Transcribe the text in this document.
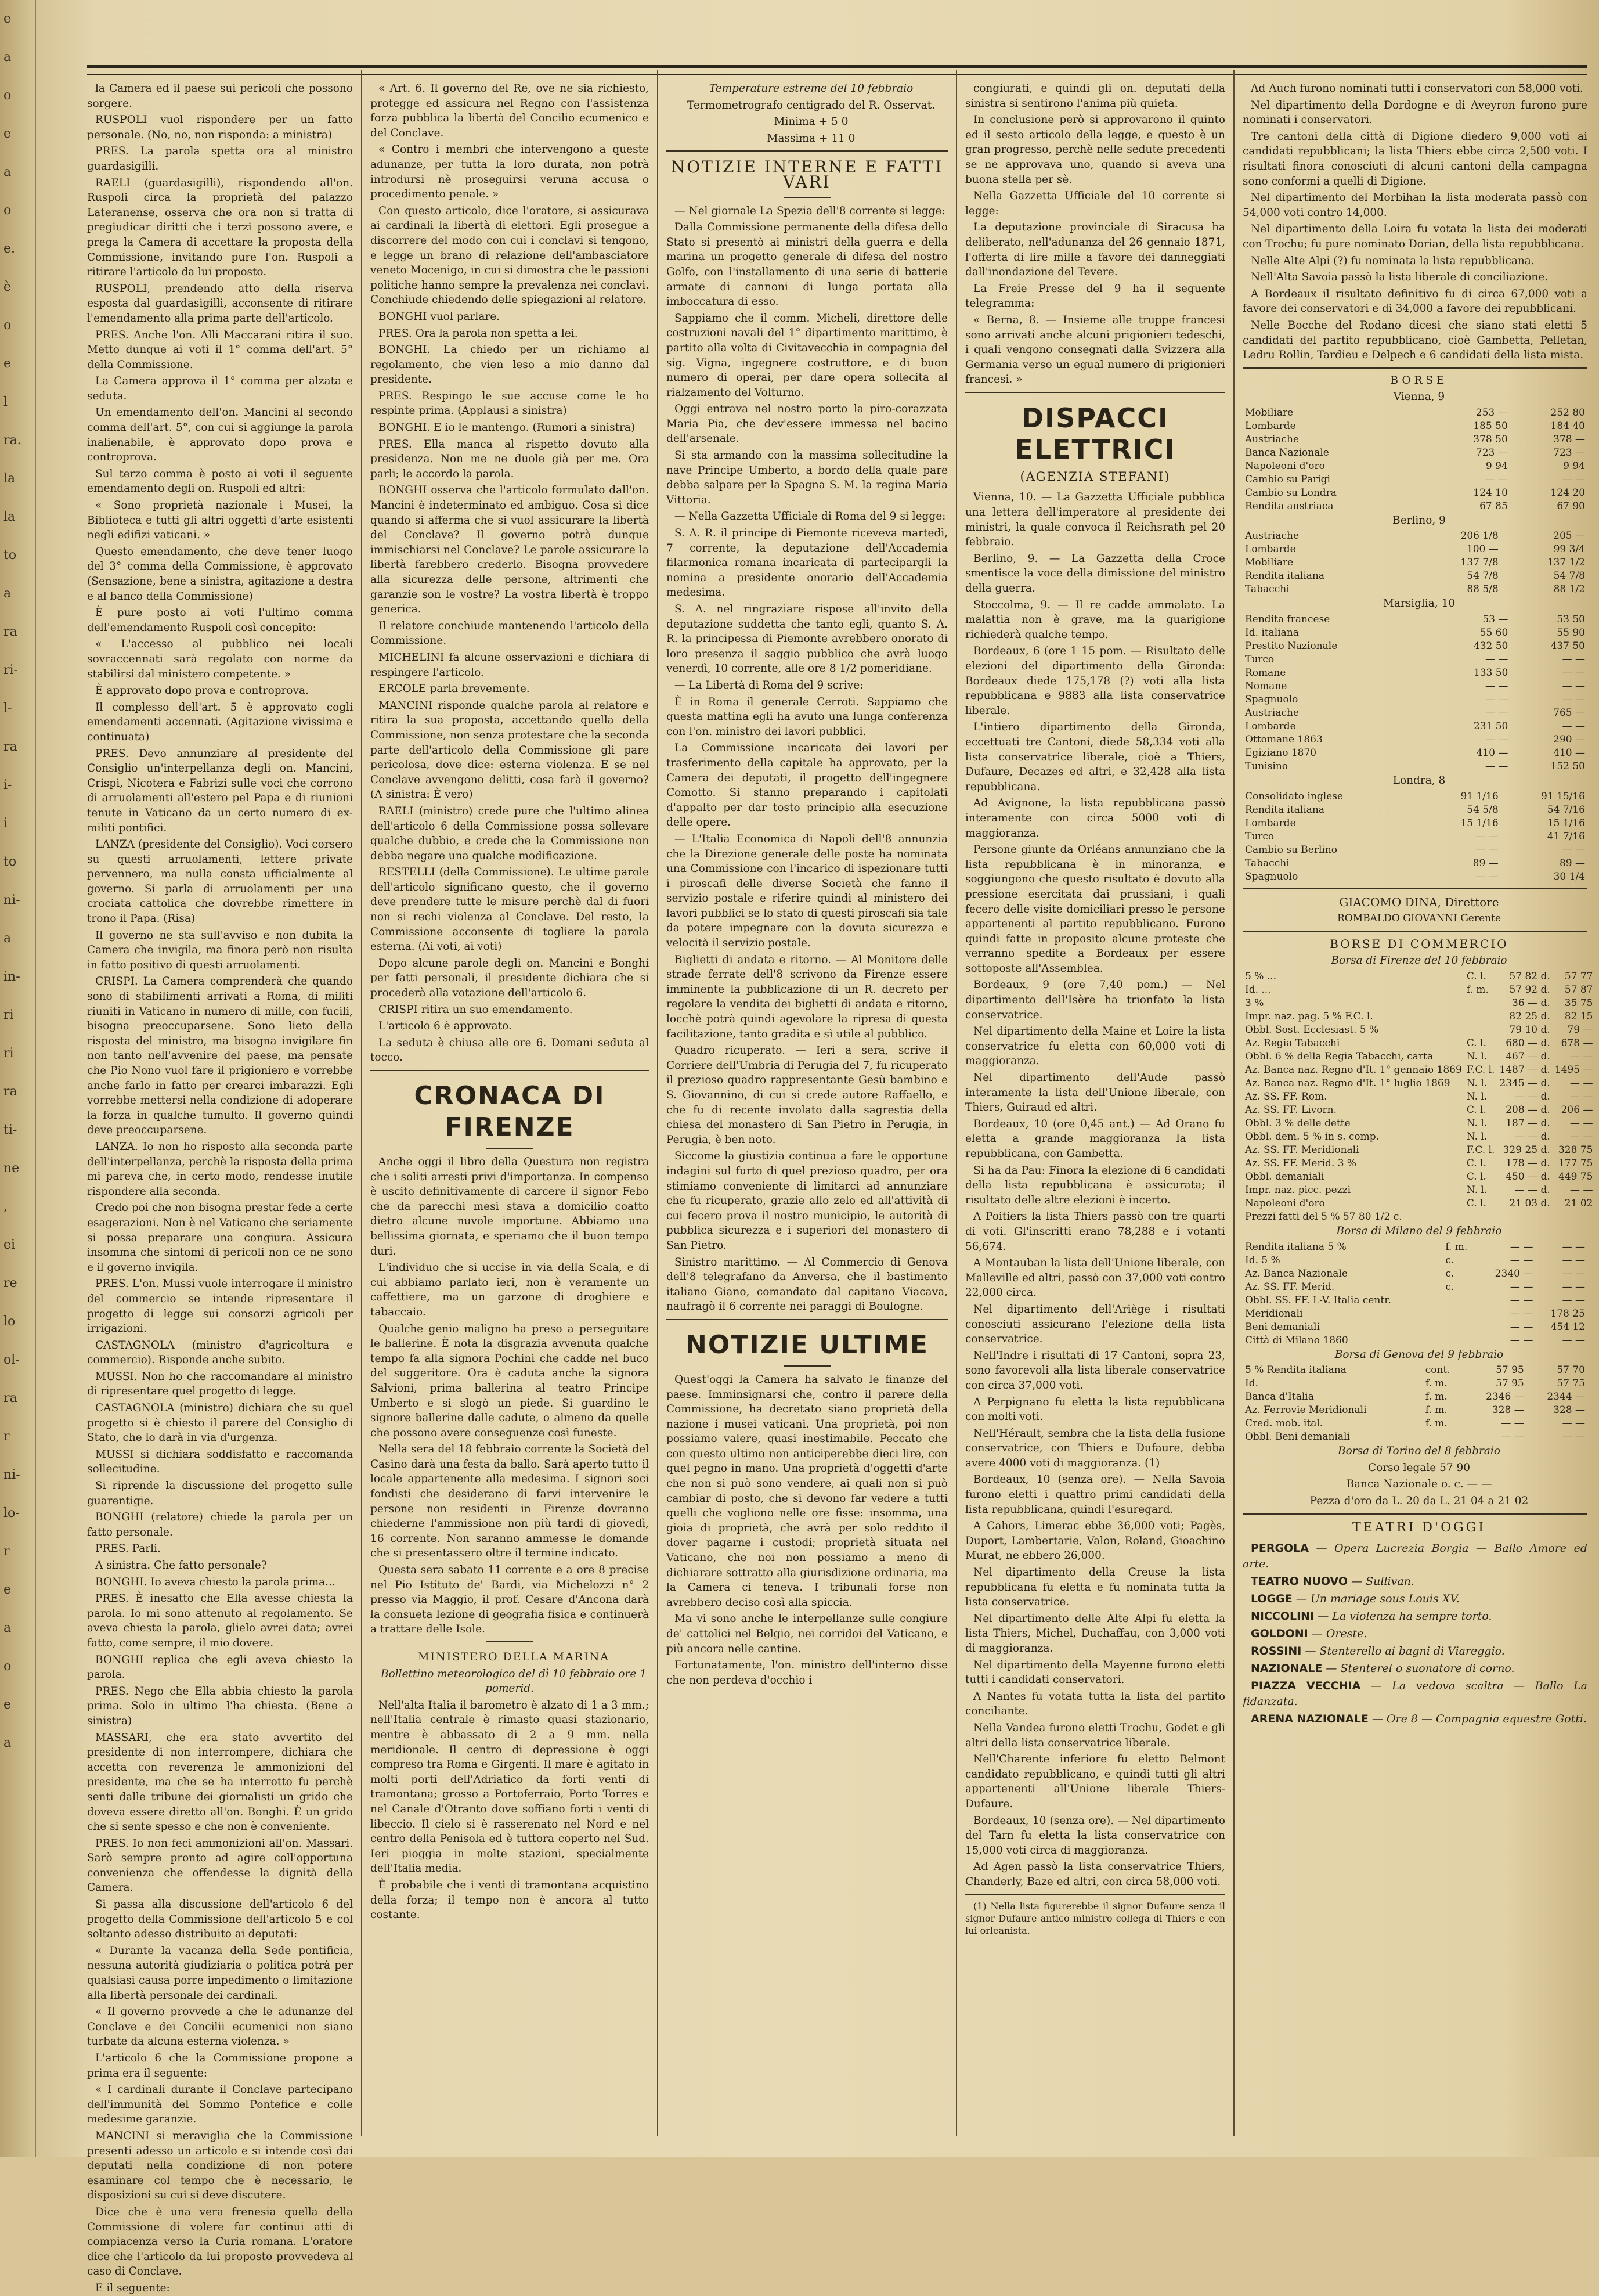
e
a
o
e
a
o
e.
è
o
e
l
ra.
la
la
to
a
ra
ri-
l-
ra
i-
i
to
ni-
a
in-
ri
ri
ra
ti-
ne
,
ei
re
lo
ol-
ra
r
ni-
lo-
r
e
a
o
e
a

la Camera ed il paese sui pericoli che possono sorgere.

RUSPOLI vuol rispondere per un fatto personale. (No, no, non risponda: a ministra)

PRES. La parola spetta ora al ministro guardasigilli.

RAELI (guardasigilli), rispondendo all'on. Ruspoli circa la proprietà del palazzo Lateranense, osserva che ora non si tratta di pregiudicar diritti che i terzi possono avere, e prega la Camera di accettare la proposta della Commissione, invitando pure l'on. Ruspoli a ritirare l'articolo da lui proposto.

RUSPOLI, prendendo atto della riserva esposta dal guardasigilli, acconsente di ritirare l'emendamento alla prima parte dell'articolo.

PRES. Anche l'on. Alli Maccarani ritira il suo. Metto dunque ai voti il 1° comma dell'art. 5° della Commissione.

La Camera approva il 1° comma per alzata e seduta.

Un emendamento dell'on. Mancini al secondo comma dell'art. 5°, con cui si aggiunge la parola inalienabile, è approvato dopo prova e controprova.

Sul terzo comma è posto ai voti il seguente emendamento degli on. Ruspoli ed altri:

« Sono proprietà nazionale i Musei, la Biblioteca e tutti gli altri oggetti d'arte esistenti negli edifizi vaticani. »

Questo emendamento, che deve tener luogo del 3° comma della Commissione, è approvato (Sensazione, bene a sinistra, agitazione a destra e al banco della Commissione)

È pure posto ai voti l'ultimo comma dell'emendamento Ruspoli così concepito:

« L'accesso al pubblico nei locali sovraccennati sarà regolato con norme da stabilirsi dal ministero competente. »

È approvato dopo prova e controprova.

Il complesso dell'art. 5 è approvato cogli emendamenti accennati. (Agitazione vivissima e continuata)

PRES. Devo annunziare al presidente del Consiglio un'interpellanza degli on. Mancini, Crispi, Nicotera e Fabrizi sulle voci che corrono di arruolamenti all'estero pel Papa e di riunioni tenute in Vaticano da un certo numero di ex-militi pontifici.

LANZA (presidente del Consiglio). Voci corsero su questi arruolamenti, lettere private pervennero, ma nulla consta ufficialmente al governo. Si parla di arruolamenti per una crociata cattolica che dovrebbe rimettere in trono il Papa. (Risa)

Il governo ne sta sull'avviso e non dubita la Camera che invigila, ma finora però non risulta in fatto positivo di questi arruolamenti.

CRISPI. La Camera comprenderà che quando sono di stabilimenti arrivati a Roma, di militi riuniti in Vaticano in numero di mille, con fucili, bisogna preoccuparsene. Sono lieto della risposta del ministro, ma bisogna invigilare fin non tanto nell'avvenire del paese, ma pensate che Pio Nono vuol fare il prigioniero e vorrebbe anche farlo in fatto per crearci imbarazzi. Egli vorrebbe mettersi nella condizione di adoperare la forza in qualche tumulto. Il governo quindi deve preoccuparsene.

LANZA. Io non ho risposto alla seconda parte dell'interpellanza, perchè la risposta della prima mi pareva che, in certo modo, rendesse inutile rispondere alla seconda.

Credo poi che non bisogna prestar fede a certe esagerazioni. Non è nel Vaticano che seriamente si possa preparare una congiura. Assicura insomma che sintomi di pericoli non ce ne sono e il governo invigila.

PRES. L'on. Mussi vuole interrogare il ministro del commercio se intende ripresentare il progetto di legge sui consorzi agricoli per irrigazioni.

CASTAGNOLA (ministro d'agricoltura e commercio). Risponde anche subito.

MUSSI. Non ho che raccomandare al ministro di ripresentare quel progetto di legge.

CASTAGNOLA (ministro) dichiara che su quel progetto si è chiesto il parere del Consiglio di Stato, che lo darà in via d'urgenza.

MUSSI si dichiara soddisfatto e raccomanda sollecitudine.

Si riprende la discussione del progetto sulle guarentigie.

BONGHI (relatore) chiede la parola per un fatto personale.

PRES. Parli.

A sinistra. Che fatto personale?

BONGHI. Io aveva chiesto la parola prima...

PRES. È inesatto che Ella avesse chiesta la parola. Io mi sono attenuto al regolamento. Se aveva chiesta la parola, glielo avrei data; avrei fatto, come sempre, il mio dovere.

BONGHI replica che egli aveva chiesto la parola.

PRES. Nego che Ella abbia chiesto la parola prima. Solo in ultimo l'ha chiesta. (Bene a sinistra)

MASSARI, che era stato avvertito del presidente di non interrompere, dichiara che accetta con reverenza le ammonizioni del presidente, ma che se ha interrotto fu perchè senti dalle tribune dei giornalisti un grido che doveva essere diretto all'on. Bonghi. È un grido che si sente spesso e che non è conveniente.

PRES. Io non feci ammonizioni all'on. Massari. Sarò sempre pronto ad agire coll'opportuna convenienza che offendesse la dignità della Camera.

Si passa alla discussione dell'articolo 6 del progetto della Commissione dell'articolo 5 e col soltanto adesso distribuito ai deputati:

« Durante la vacanza della Sede pontificia, nessuna autorità giudiziaria o politica potrà per qualsiasi causa porre impedimento o limitazione alla libertà personale dei cardinali.

« Il governo provvede a che le adunanze del Conclave e dei Concilii ecumenici non siano turbate da alcuna esterna violenza. »

L'articolo 6 che la Commissione propone a prima era il seguente:

« I cardinali durante il Conclave partecipano dell'immunità del Sommo Pontefice e colle medesime garanzie.

MANCINI si meraviglia che la Commissione presenti adesso un articolo e si intende così dai deputati nella condizione di non potere esaminare col tempo che è necessario, le disposizioni su cui si deve discutere.

Dice che è una vera frenesia quella della Commissione di volere far continui atti di compiacenza verso la Curia romana. L'oratore dice che l'articolo da lui proposto provvedeva al caso di Conclave.

E il seguente:

« Art. 6. Il governo del Re, ove ne sia richiesto, protegge ed assicura nel Regno con l'assistenza forza pubblica la libertà del Concilio ecumenico e del Conclave.

« Contro i membri che intervengono a queste adunanze, per tutta la loro durata, non potrà introdursi nè proseguirsi veruna accusa o procedimento penale. »

Con questo articolo, dice l'oratore, si assicurava ai cardinali la libertà di elettori. Egli prosegue a discorrere del modo con cui i conclavi si tengono, e legge un brano di relazione dell'ambasciatore veneto Mocenigo, in cui si dimostra che le passioni politiche hanno sempre la prevalenza nei conclavi. Conchiude chiedendo delle spiegazioni al relatore.

BONGHI vuol parlare.

PRES. Ora la parola non spetta a lei.

BONGHI. La chiedo per un richiamo al regolamento, che vien leso a mio danno dal presidente.

PRES. Respingo le sue accuse come le ho respinte prima. (Applausi a sinistra)

BONGHI. E io le mantengo. (Rumori a sinistra)

PRES. Ella manca al rispetto dovuto alla presidenza. Non me ne duole già per me. Ora parli; le accordo la parola.

BONGHI osserva che l'articolo formulato dall'on. Mancini è indeterminato ed ambiguo. Cosa si dice quando si afferma che si vuol assicurare la libertà del Conclave? Il governo potrà dunque immischiarsi nel Conclave? Le parole assicurare la libertà farebbero crederlo. Bisogna provvedere alla sicurezza delle persone, altrimenti che garanzie son le vostre? La vostra libertà è troppo generica.

Il relatore conchiude mantenendo l'articolo della Commissione.

MICHELINI fa alcune osservazioni e dichiara di respingere l'articolo.

ERCOLE parla brevemente.

MANCINI risponde qualche parola al relatore e ritira la sua proposta, accettando quella della Commissione, non senza protestare che la seconda parte dell'articolo della Commissione gli pare pericolosa, dove dice: esterna violenza. E se nel Conclave avvengono delitti, cosa farà il governo? (A sinistra: È vero)

RAELI (ministro) crede pure che l'ultimo alinea dell'articolo 6 della Commissione possa sollevare qualche dubbio, e crede che la Commissione non debba negare una qualche modificazione.

RESTELLI (della Commissione). Le ultime parole dell'articolo significano questo, che il governo deve prendere tutte le misure perchè dal di fuori non si rechi violenza al Conclave. Del resto, la Commissione acconsente di togliere la parola esterna. (Ai voti, ai voti)

Dopo alcune parole degli on. Mancini e Bonghi per fatti personali, il presidente dichiara che si procederà alla votazione dell'articolo 6.

CRISPI ritira un suo emendamento.

L'articolo 6 è approvato.

La seduta è chiusa alle ore 6. Domani seduta al tocco.

CRONACA DI FIRENZE

Anche oggi il libro della Questura non registra che i soliti arresti privi d'importanza. In compenso è uscito definitivamente di carcere il signor Febo che da parecchi mesi stava a domicilio coatto dietro alcune nuvole importune. Abbiamo una bellissima giornata, e speriamo che il buon tempo duri.

L'individuo che si uccise in via della Scala, e di cui abbiamo parlato ieri, non è veramente un caffettiere, ma un garzone di droghiere e tabaccaio.

Qualche genio maligno ha preso a perseguitare le ballerine. È nota la disgrazia avvenuta qualche tempo fa alla signora Pochini che cadde nel buco del suggeritore. Ora è caduta anche la signora Salvioni, prima ballerina al teatro Principe Umberto e si slogò un piede. Si guardino le signore ballerine dalle cadute, o almeno da quelle che possono avere conseguenze così funeste.

Nella sera del 18 febbraio corrente la Società del Casino darà una festa da ballo. Sarà aperto tutto il locale appartenente alla medesima. I signori soci fondisti che desiderano di farvi intervenire le persone non residenti in Firenze dovranno chiederne l'ammissione non più tardi di giovedì, 16 corrente. Non saranno ammesse le domande che si presentassero oltre il termine indicato.

Questa sera sabato 11 corrente e a ore 8 precise nel Pio Istituto de' Bardi, via Michelozzi n° 2 presso via Maggio, il prof. Cesare d'Ancona darà la consueta lezione di geografia fisica e continuerà a trattare delle Isole.

MINISTERO DELLA MARINA

Bollettino meteorologico del dì 10 febbraio ore 1 pomerid.

Nell'alta Italia il barometro è alzato di 1 a 3 mm.; nell'Italia centrale è rimasto quasi stazionario, mentre è abbassato di 2 a 9 mm. nella meridionale. Il centro di depressione è oggi compreso tra Roma e Girgenti. Il mare è agitato in molti porti dell'Adriatico da forti venti di tramontana; grosso a Portoferraio, Porto Torres e nel Canale d'Otranto dove soffiano forti i venti di libeccio. Il cielo si è rasserenato nel Nord e nel centro della Penisola ed è tuttora coperto nel Sud. Ieri pioggia in molte stazioni, specialmente dell'Italia media.

È probabile che i venti di tramontana acquistino della forza; il tempo non è ancora al tutto costante.

Temperature estreme del 10 febbraio

Termometrografo centigrado del R. Osservat.

Minima + 5 0

Massima + 11 0

NOTIZIE INTERNE E FATTI VARI

— Nel giornale La Spezia dell'8 corrente si legge:

Dalla Commissione permanente della difesa dello Stato si presentò ai ministri della guerra e della marina un progetto generale di difesa del nostro Golfo, con l'installamento di una serie di batterie armate di cannoni di lunga portata alla imboccatura di esso.

Sappiamo che il comm. Micheli, direttore delle costruzioni navali del 1° dipartimento marittimo, è partito alla volta di Civitavecchia in compagnia del sig. Vigna, ingegnere costruttore, e di buon numero di operai, per dare opera sollecita al rialzamento del Volturno.

Oggi entrava nel nostro porto la piro-corazzata Maria Pia, che dev'essere immessa nel bacino dell'arsenale.

Si sta armando con la massima sollecitudine la nave Principe Umberto, a bordo della quale pare debba salpare per la Spagna S. M. la regina Maria Vittoria.

— Nella Gazzetta Ufficiale di Roma del 9 si legge:

S. A. R. il principe di Piemonte riceveva martedì, 7 corrente, la deputazione dell'Accademia filarmonica romana incaricata di partecipargli la nomina a presidente onorario dell'Accademia medesima.

S. A. nel ringraziare rispose all'invito della deputazione suddetta che tanto egli, quanto S. A. R. la principessa di Piemonte avrebbero onorato di loro presenza il saggio pubblico che avrà luogo venerdì, 10 corrente, alle ore 8 1/2 pomeridiane.

— La Libertà di Roma del 9 scrive:

È in Roma il generale Cerroti. Sappiamo che questa mattina egli ha avuto una lunga conferenza con l'on. ministro dei lavori pubblici.

La Commissione incaricata dei lavori per trasferimento della capitale ha approvato, per la Camera dei deputati, il progetto dell'ingegnere Comotto. Si stanno preparando i capitolati d'appalto per dar tosto principio alla esecuzione delle opere.

— L'Italia Economica di Napoli dell'8 annunzia che la Direzione generale delle poste ha nominata una Commissione con l'incarico di ispezionare tutti i piroscafi delle diverse Società che fanno il servizio postale e riferire quindi al ministero dei lavori pubblici se lo stato di questi piroscafi sia tale da potere impegnare con la dovuta sicurezza e velocità il servizio postale.

Biglietti di andata e ritorno. — Al Monitore delle strade ferrate dell'8 scrivono da Firenze essere imminente la pubblicazione di un R. decreto per regolare la vendita dei biglietti di andata e ritorno, locchè potrà quindi agevolare la ripresa di questa facilitazione, tanto gradita e sì utile al pubblico.

Quadro ricuperato. — Ieri a sera, scrive il Corriere dell'Umbria di Perugia del 7, fu ricuperato il prezioso quadro rappresentante Gesù bambino e S. Giovannino, di cui si crede autore Raffaello, e che fu di recente involato dalla sagrestia della chiesa del monastero di San Pietro in Perugia, in Perugia, è ben noto.

Siccome la giustizia continua a fare le opportune indagini sul furto di quel prezioso quadro, per ora stimiamo conveniente di limitarci ad annunziare che fu ricuperato, grazie allo zelo ed all'attività di cui fecero prova il nostro municipio, le autorità di pubblica sicurezza e i superiori del monastero di San Pietro.

Sinistro marittimo. — Al Commercio di Genova dell'8 telegrafano da Anversa, che il bastimento italiano Giano, comandato dal capitano Viacava, naufragò il 6 corrente nei paraggi di Boulogne.

NOTIZIE ULTIME

Quest'oggi la Camera ha salvato le finanze del paese. Imminsignarsi che, contro il parere della Commissione, ha decretato siano proprietà della nazione i musei vaticani. Una proprietà, poi non possiamo valere, quasi inestimabile. Peccato che con questo ultimo non anticiperebbe dieci lire, con quel pegno in mano. Una proprietà d'oggetti d'arte che non si può sono vendere, ai quali non si può cambiar di posto, che si devono far vedere a tutti quelli che vogliono nelle ore fisse: insomma, una gioia di proprietà, che avrà per solo reddito il dover pagarne i custodi; proprietà situata nel Vaticano, che noi non possiamo a meno di dichiarare sottratto alla giurisdizione ordinaria, ma la Camera ci teneva. I tribunali forse non avrebbero deciso così alla spiccia.

Ma vi sono anche le interpellanze sulle congiure de' cattolici nel Belgio, nei corridoi del Vaticano, e più ancora nelle cantine.

Fortunatamente, l'on. ministro dell'interno disse che non perdeva d'occhio i

congiurati, e quindi gli on. deputati della sinistra si sentirono l'anima più quieta.

In conclusione però si approvarono il quinto ed il sesto articolo della legge, e questo è un gran progresso, perchè nelle sedute precedenti se ne approvava uno, quando si aveva una buona stella per sè.

Nella Gazzetta Ufficiale del 10 corrente si legge:

La deputazione provinciale di Siracusa ha deliberato, nell'adunanza del 26 gennaio 1871, l'offerta di lire mille a favore dei danneggiati dall'inondazione del Tevere.

La Freie Presse del 9 ha il seguente telegramma:

« Berna, 8. — Insieme alle truppe francesi sono arrivati anche alcuni prigionieri tedeschi, i quali vengono consegnati dalla Svizzera alla Germania verso un egual numero di prigionieri francesi. »

DISPACCI ELETTRICI
(AGENZIA STEFANI)

Vienna, 10. — La Gazzetta Ufficiale pubblica una lettera dell'imperatore al presidente dei ministri, la quale convoca il Reichsrath pel 20 febbraio.

Berlino, 9. — La Gazzetta della Croce smentisce la voce della dimissione del ministro della guerra.

Stoccolma, 9. — Il re cadde ammalato. La malattia non è grave, ma la guarigione richiederà qualche tempo.

Bordeaux, 6 (ore 1 15 pom. — Risultato delle elezioni del dipartimento della Gironda: Bordeaux diede 175,178 (?) voti alla lista repubblicana e 9883 alla lista conservatrice liberale.

L'intiero dipartimento della Gironda, eccettuati tre Cantoni, diede 58,334 voti alla lista conservatrice liberale, cioè a Thiers, Dufaure, Decazes ed altri, e 32,428 alla lista repubblicana.

Ad Avignone, la lista repubblicana passò interamente con circa 5000 voti di maggioranza.

Persone giunte da Orléans annunziano che la lista repubblicana è in minoranza, e soggiungono che questo risultato è dovuto alla pressione esercitata dai prussiani, i quali fecero delle visite domiciliari presso le persone appartenenti al partito repubblicano. Furono quindi fatte in proposito alcune proteste che verranno spedite a Bordeaux per essere sottoposte all'Assemblea.

Bordeaux, 9 (ore 7,40 pom.) — Nel dipartimento dell'Isère ha trionfato la lista conservatrice.

Nel dipartimento della Maine et Loire la lista conservatrice fu eletta con 60,000 voti di maggioranza.

Nel dipartimento dell'Aude passò interamente la lista dell'Unione liberale, con Thiers, Guiraud ed altri.

Bordeaux, 10 (ore 0,45 ant.) — Ad Orano fu eletta a grande maggioranza la lista repubblicana, con Gambetta.

Si ha da Pau: Finora la elezione di 6 candidati della lista repubblicana è assicurata; il risultato delle altre elezioni è incerto.

A Poitiers la lista Thiers passò con tre quarti di voti. Gl'inscritti erano 78,288 e i votanti 56,674.

A Montauban la lista dell'Unione liberale, con Malleville ed altri, passò con 37,000 voti contro 22,000 circa.

Nel dipartimento dell'Ariège i risultati conosciuti assicurano l'elezione della lista conservatrice.

Nell'Indre i risultati di 17 Cantoni, sopra 23, sono favorevoli alla lista liberale conservatrice con circa 37,000 voti.

A Perpignano fu eletta la lista repubblicana con molti voti.

Nell'Hérault, sembra che la lista della fusione conservatrice, con Thiers e Dufaure, debba avere 4000 voti di maggioranza. (1)

Bordeaux, 10 (senza ore). — Nella Savoia furono eletti i quattro primi candidati della lista repubblicana, quindi l'esuregard.

A Cahors, Limerac ebbe 36,000 voti; Pagès, Duport, Lambertarie, Valon, Roland, Gioachino Murat, ne ebbero 26,000.

Nel dipartimento della Creuse la lista repubblicana fu eletta e fu nominata tutta la lista conservatrice.

Nel dipartimento delle Alte Alpi fu eletta la lista Thiers, Michel, Duchaffau, con 3,000 voti di maggioranza.

Nel dipartimento della Mayenne furono eletti tutti i candidati conservatori.

A Nantes fu votata tutta la lista del partito conciliante.

Nella Vandea furono eletti Trochu, Godet e gli altri della lista conservatrice liberale.

Nell'Charente inferiore fu eletto Belmont candidato repubblicano, e quindi tutti gli altri appartenenti all'Unione liberale Thiers-Dufaure.

Bordeaux, 10 (senza ore). — Nel dipartimento del Tarn fu eletta la lista conservatrice con 15,000 voti circa di maggioranza.

Ad Agen passò la lista conservatrice Thiers, Chanderly, Baze ed altri, con circa 58,000 voti.

(1) Nella lista figurerebbe il signor Dufaure senza il signor Dufaure antico ministro collega di Thiers e con lui orleanista.

Ad Auch furono nominati tutti i conservatori con 58,000 voti.

Nel dipartimento della Dordogne e di Aveyron furono pure nominati i conservatori.

Tre cantoni della città di Digione diedero 9,000 voti ai candidati repubblicani; la lista Thiers ebbe circa 2,500 voti. I risultati finora conosciuti di alcuni cantoni della campagna sono conformi a quelli di Digione.

Nel dipartimento del Morbihan la lista moderata passò con 54,000 voti contro 14,000.

Nel dipartimento della Loira fu votata la lista dei moderati con Trochu; fu pure nominato Dorian, della lista repubblicana.

Nelle Alte Alpi (?) fu nominata la lista repubblicana.

Nell'Alta Savoia passò la lista liberale di conciliazione.

A Bordeaux il risultato definitivo fu di circa 67,000 voti a favore dei conservatori e di 34,000 a favore dei repubblicani.

Nelle Bocche del Rodano dicesi che siano stati eletti 5 candidati del partito repubblicano, cioè Gambetta, Pelletan, Ledru Rollin, Tardieu e Delpech e 6 candidati della lista mista.

BORSE

Vienna, 9

Mobiliare	253 —	252 80
Lombarde	185 50	184 40
Austriache	378 50	378 —
Banca Nazionale	723 —	723 —
Napoleoni d'oro	9 94	9 94
Cambio su Parigi	— —	— —
Cambio su Londra	124 10	124 20
Rendita austriaca	67 85	67 90

Berlino, 9

Austriache	206 1/8	205 —
Lombarde	100 —	99 3/4
Mobiliare	137 7/8	137 1/2
Rendita italiana	54 7/8	54 7/8
Tabacchi	88 5/8	88 1/2

Marsiglia, 10

Rendita francese	53 —	53 50
Id. italiana	55 60	55 90
Prestito Nazionale	432 50	437 50
Turco	— —	— —
Romane	133 50	— —
Nomane	— —	— —
Spagnuolo	— —	— —
Austriache	— —	765 —
Lombarde	231 50	— —
Ottomane 1863	— —	290 —
Egiziano 1870	410 —	410 —
Tunisino	— —	152 50

Londra, 8

Consolidato inglese	91 1/16	91 15/16
Rendita italiana	54 5/8	54 7/16
Lombarde	15 1/16	15 1/16
Turco	— —	41 7/16
Cambio su Berlino	— —	— —
Tabacchi	89 —	89 —
Spagnuolo	— —	30 1/4

GIACOMO DINA, Direttore

ROMBALDO GIOVANNI Gerente

BORSE DI COMMERCIO

Borsa di Firenze del 10 febbraio

5 % ...	C. l.	57 82 d.	57 77
Id. ...	f. m.	57 92 d.	57 87
3 %		36 — d.	35 75
Impr. naz. pag. 5 % F.C. l.		82 25 d.	82 15
Obbl. Sost. Ecclesiast. 5 %		79 10 d.	79 —
Az. Regia Tabacchi	C. l.	680 — d.	678 —
Obbl. 6 % della Regia Tabacchi, carta	N. l.	467 — d.	— —
Az. Banca naz. Regno d'It. 1° gennaio 1869	F.C. l.	1487 — d.	1495 —
Az. Banca naz. Regno d'It. 1° luglio 1869	N. l.	2345 — d.	— —
Az. SS. FF. Rom.	N. l.	— — d.	— —
Az. SS. FF. Livorn.	C. l.	208 — d.	206 —
Obbl. 3 % delle dette	N. l.	187 — d.	— —
Obbl. dem. 5 % in s. comp.	N. l.	— — d.	— —
Az. SS. FF. Meridionali	F.C. l.	329 25 d.	328 75
Az. SS. FF. Merid. 3 %	C. l.	178 — d.	177 75
Obbl. demaniali	C. l.	450 — d.	449 75
Impr. naz. picc. pezzi	N. l.	— — d.	— —
Napoleoni d'oro	C. l.	21 03 d.	21 02
Prezzi fatti del 5 % 57 80 1/2 c.			

Borsa di Milano del 9 febbraio

Rendita italiana 5 %	f. m.	— —	— —
Id. 5 %	c.	— —	— —
Az. Banca Nazionale	c.	2340 —	— —
Az. SS. FF. Merid.	c.	— —	— —
Obbl. SS. FF. L-V. Italia centr.		— —	— —
Meridionali		— —	178 25
Beni demaniali		— —	454 12
Città di Milano 1860		— —	— —

Borsa di Genova del 9 febbraio

5 % Rendita italiana	cont.	57 95	57 70
Id.	f. m.	57 95	57 75
Banca d'Italia	f. m.	2346 —	2344 —
Az. Ferrovie Meridionali	f. m.	328 —	328 —
Cred. mob. ital.	f. m.	— —	— —
Obbl. Beni demaniali		— —	— —

Borsa di Torino del 8 febbraio

Corso legale 57 90

Banca Nazionale o. c. — —

Pezza d'oro da L. 20 da L. 21 04 a 21 02

TEATRI D'OGGI

PERGOLA — Opera Lucrezia Borgia — Ballo Amore ed arte.

TEATRO NUOVO — Sullivan.

LOGGE — Un mariage sous Louis XV.

NICCOLINI — La violenza ha sempre torto.

GOLDONI — Oreste.

ROSSINI — Stenterello ai bagni di Viareggio.

NAZIONALE — Stenterel o suonatore di corno.

PIAZZA VECCHIA — La vedova scaltra — Ballo La fidanzata.

ARENA NAZIONALE — Ore 8 — Compagnia equestre Gotti.
